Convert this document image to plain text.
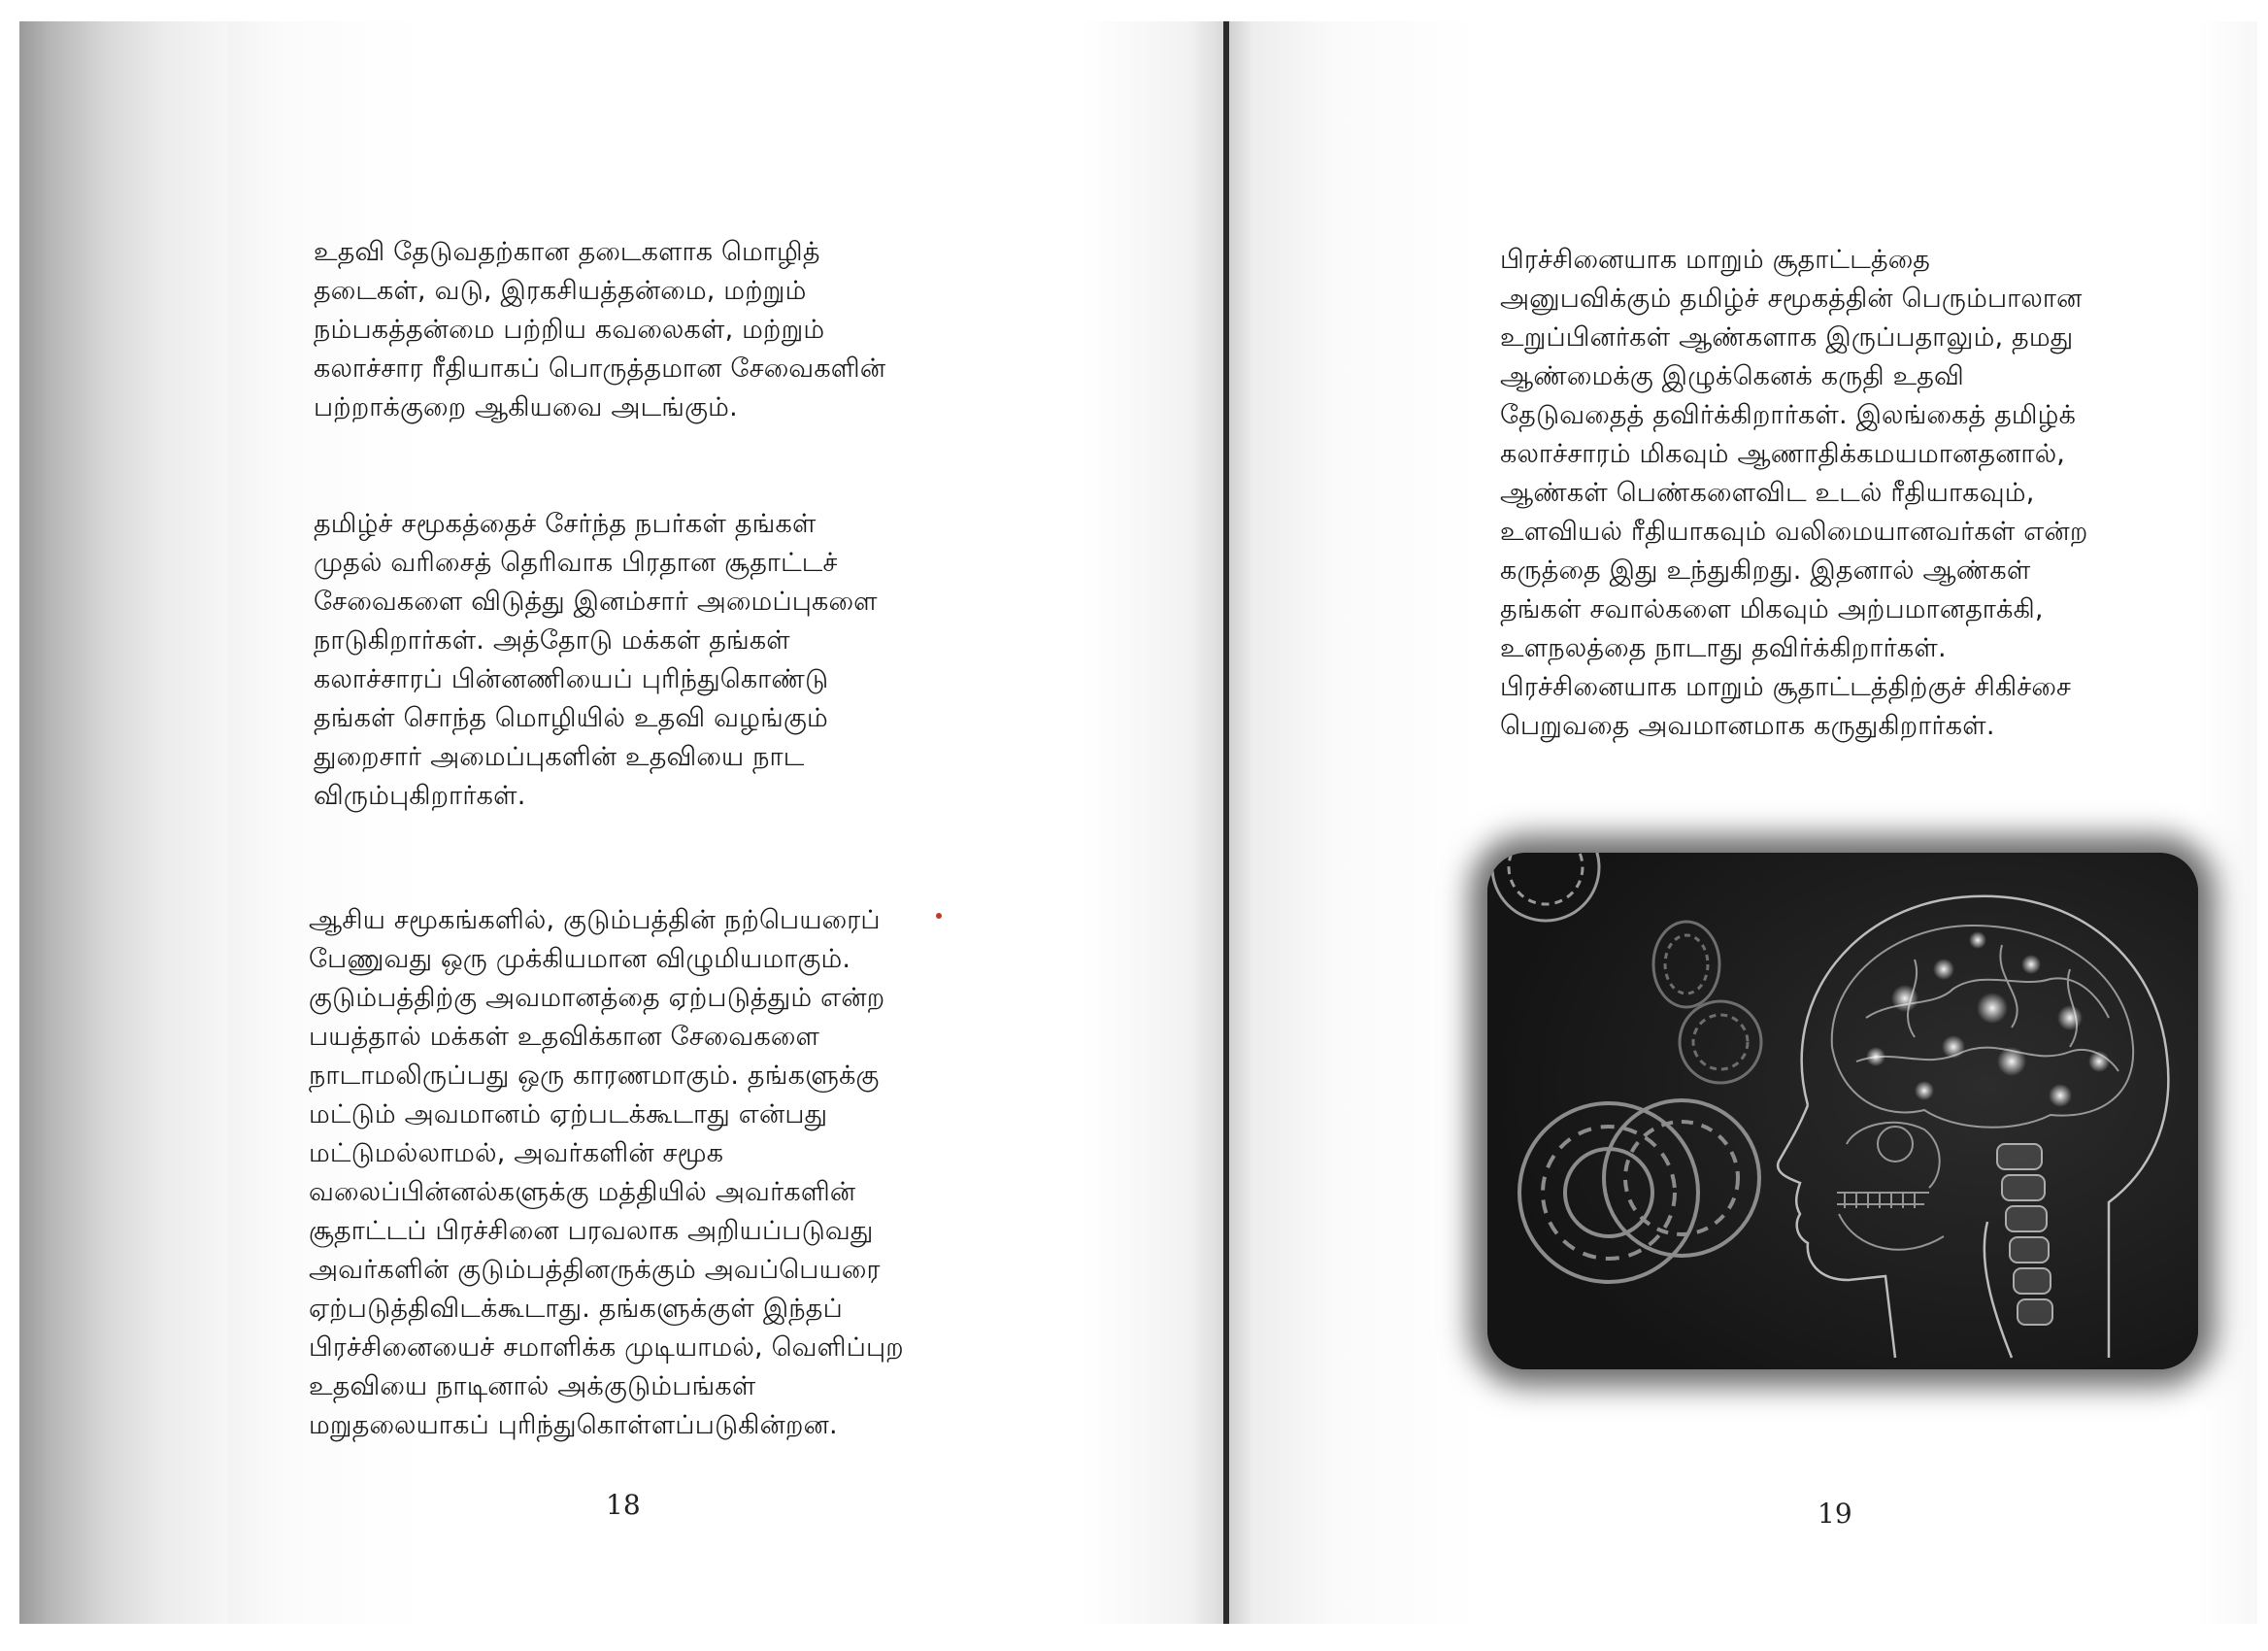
உதவி தேடுவதற்கான தடைகளாக மொழித்
தடைகள், வடு, இரகசியத்தன்மை, மற்றும்
நம்பகத்தன்மை பற்றிய கவலைகள், மற்றும்
கலாச்சார ரீதியாகப் பொருத்தமான சேவைகளின்
பற்றாக்குறை ஆகியவை அடங்கும்.

தமிழ்ச் சமூகத்தைச் சேர்ந்த நபர்கள் தங்கள்
முதல் வரிசைத் தெரிவாக பிரதான சூதாட்டச்
சேவைகளை விடுத்து இனம்சார் அமைப்புகளை
நாடுகிறார்கள். அத்தோடு மக்கள் தங்கள்
கலாச்சாரப் பின்னணியைப் புரிந்துகொண்டு
தங்கள் சொந்த மொழியில் உதவி வழங்கும்
துறைசார் அமைப்புகளின் உதவியை நாட
விரும்புகிறார்கள்.

ஆசிய சமூகங்களில், குடும்பத்தின் நற்பெயரைப்
பேணுவது ஒரு முக்கியமான விழுமியமாகும்.
குடும்பத்திற்கு அவமானத்தை ஏற்படுத்தும் என்ற
பயத்தால் மக்கள் உதவிக்கான சேவைகளை
நாடாமலிருப்பது ஒரு காரணமாகும். தங்களுக்கு
மட்டும் அவமானம் ஏற்படக்கூடாது என்பது
மட்டுமல்லாமல், அவர்களின் சமூக
வலைப்பின்னல்களுக்கு மத்தியில் அவர்களின்
சூதாட்டப் பிரச்சினை பரவலாக அறியப்படுவது
அவர்களின் குடும்பத்தினருக்கும் அவப்பெயரை
ஏற்படுத்திவிடக்கூடாது. தங்களுக்குள் இந்தப்
பிரச்சினையைச் சமாளிக்க முடியாமல், வெளிப்புற
உதவியை நாடினால் அக்குடும்பங்கள்
மறுதலையாகப் புரிந்துகொள்ளப்படுகின்றன.

18

பிரச்சினையாக மாறும் சூதாட்டத்தை
அனுபவிக்கும் தமிழ்ச் சமூகத்தின் பெரும்பாலான
உறுப்பினர்கள் ஆண்களாக இருப்பதாலும், தமது
ஆண்மைக்கு இழுக்கெனக் கருதி உதவி
தேடுவதைத் தவிர்க்கிறார்கள். இலங்கைத் தமிழ்க்
கலாச்சாரம் மிகவும் ஆணாதிக்கமயமானதனால்,
ஆண்கள் பெண்களைவிட உடல் ரீதியாகவும்,
உளவியல் ரீதியாகவும் வலிமையானவர்கள் என்ற
கருத்தை இது உந்துகிறது. இதனால் ஆண்கள்
தங்கள் சவால்களை மிகவும் அற்பமானதாக்கி,
உளநலத்தை நாடாது தவிர்க்கிறார்கள்.
பிரச்சினையாக மாறும் சூதாட்டத்திற்குச் சிகிச்சை
பெறுவதை அவமானமாக கருதுகிறார்கள்.

19
